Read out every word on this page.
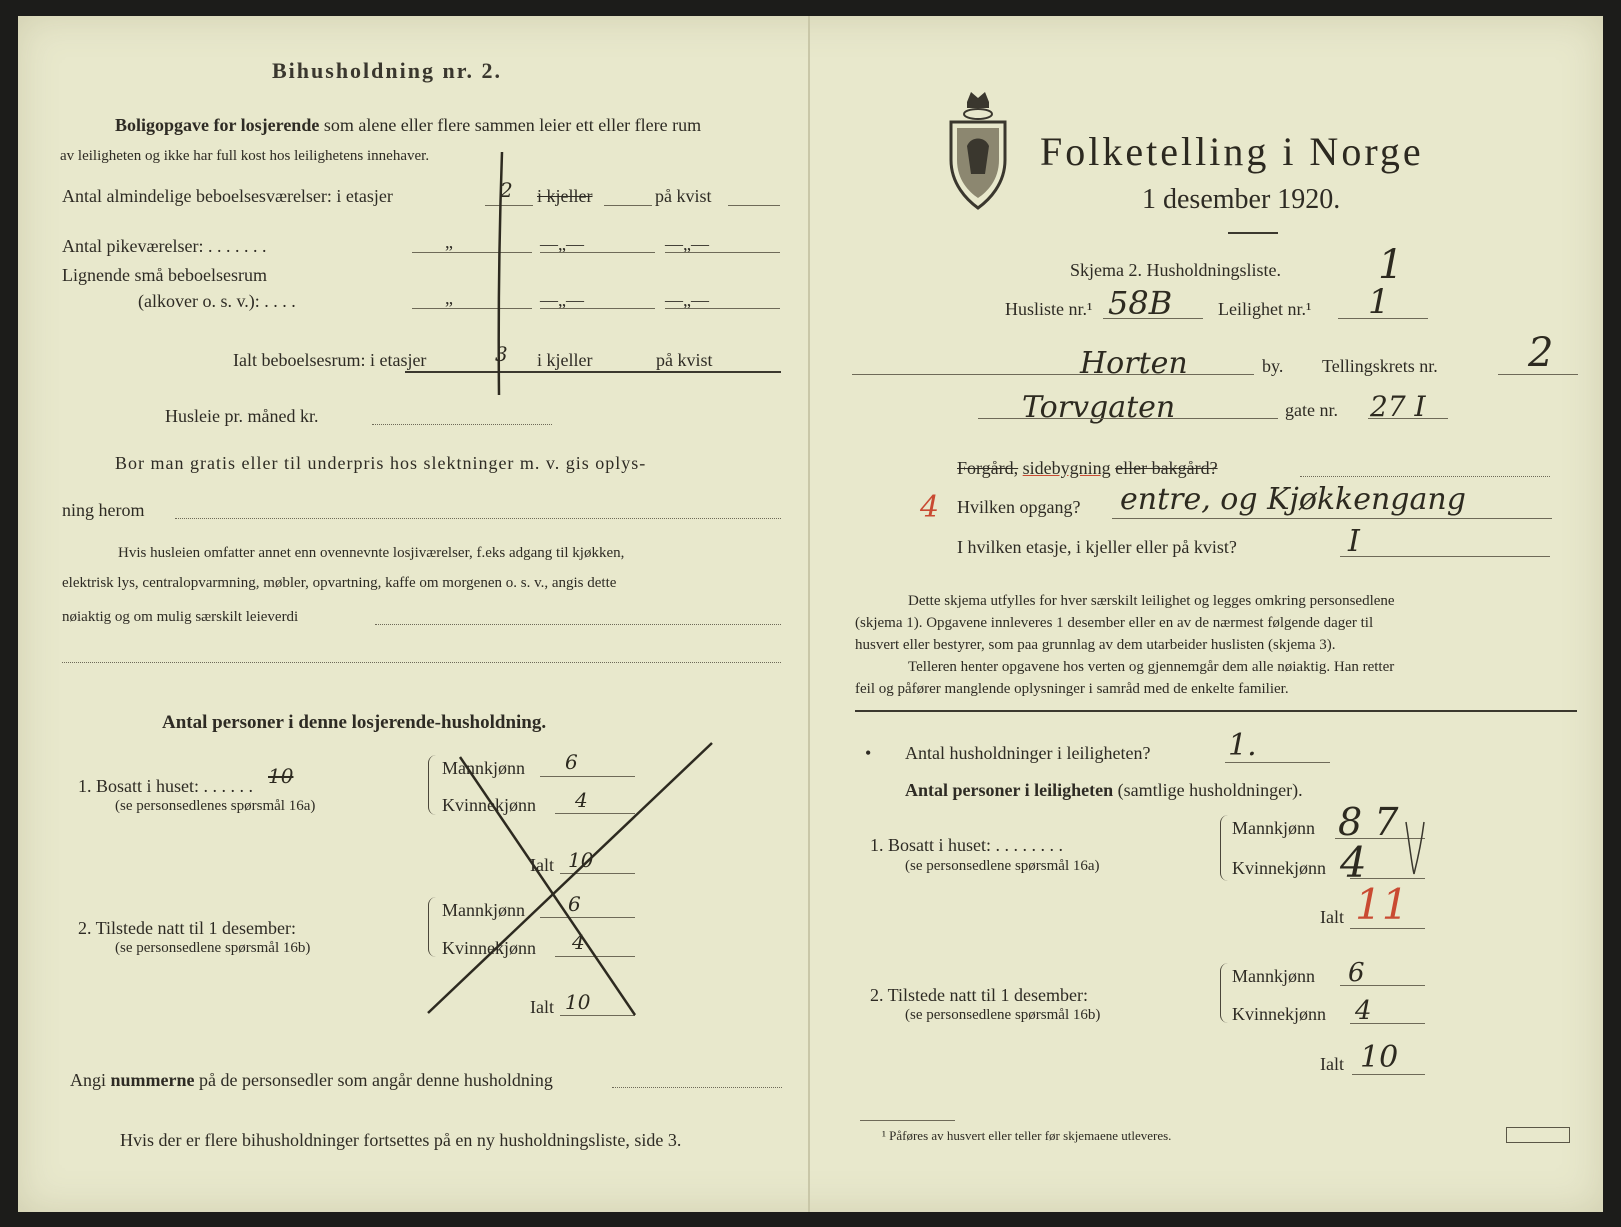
Bihusholdning nr. 2.
Boligopgave for losjerende som alene eller flere sammen leier ett eller flere rum
av leiligheten og ikke har full kost hos leilighetens innehaver.
Antal almindelige beboelsesværelser: i etasjer	2 i kjeller	på kvist
Antal pikeværelser: . . . . . . .	„	—„—	—„—
Lignende små beboelsesrum
(alkover o. s. v.): . . . .	„	—„—	—„—
Ialt beboelsesrum: i etasjer	3 i kjeller	på kvist
Husleie pr. måned kr.
Bor man gratis eller til underpris hos slektninger m. v. gis oplys-
ning herom
Hvis husleien omfatter annet enn ovennevnte losjiværelser, f.eks adgang til kjøkken,
elektrisk lys, centralopvarmning, møbler, opvartning, kaffe om morgenen o. s. v., angis dette
nøiaktig og om mulig særskilt leieverdi
Antal personer i denne losjerende-husholdning.
1. Bosatt i huset: . . . . . .
(se personsedlenes spørsmål 16a)
10	Mannkjønn 6
Kvinnekjønn 4
Ialt 10
2. Tilstede natt til 1 desember:
(se personsedlene spørsmål 16b)
Mannkjønn 6
Kvinnekjønn 4
Ialt 10
Angi nummerne på de personsedler som angår denne husholdning
Hvis der er flere bihusholdninger fortsettes på en ny husholdningsliste, side 3.
Folketelling i Norge
1 desember 1920.
Skjema 2. Husholdningsliste. 1
Husliste nr.¹ 58B	Leilighet nr.¹ 1
Horten	by. Tellingskrets nr. 2
Torvgaten	gate nr. 27 I
Forgård, sidebygning eller bakgård?
4 Hvilken opgang? entre, og Kjøkkengang
I hvilken etasje, i kjeller eller på kvist?	I
Dette skjema utfylles for hver særskilt leilighet og legges omkring personsedlene
(skjema 1). Opgavene innleveres 1 desember eller en av de nærmest følgende dager til
husvert eller bestyrer, som paa grunnlag av dem utarbeider huslisten (skjema 3).
Telleren henter opgavene hos verten og gjennemgår dem alle nøiaktig. Han retter
feil og påfører manglende oplysninger i samråd med de enkelte familier.
• Antal husholdninger i leiligheten?	1.
Antal personer i leiligheten (samtlige husholdninger).
1. Bosatt i huset: . . . . . . . .
(se personsedlene spørsmål 16a)
Mannkjønn 8 7
Kvinnekjønn 4
Ialt 11
2. Tilstede natt til 1 desember:
(se personsedlene spørsmål 16b)
Mannkjønn 6
Kvinnekjønn 4
Ialt 10
¹ Påføres av husvert eller teller før skjemaene utleveres.
